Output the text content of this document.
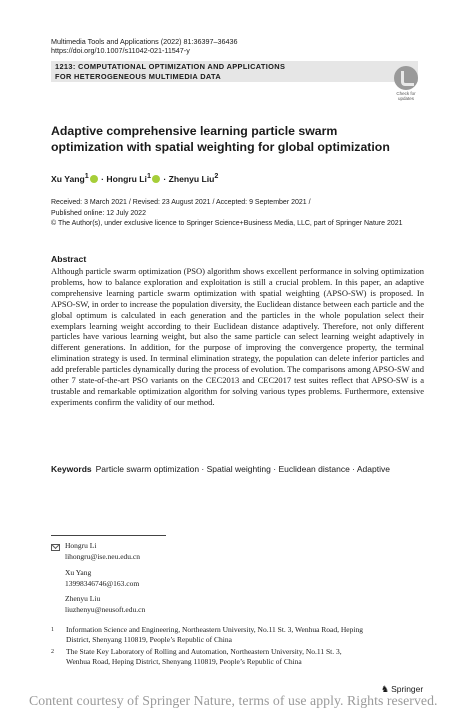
Multimedia Tools and Applications (2022) 81:36397–36436
https://doi.org/10.1007/s11042-021-11547-y
1213: COMPUTATIONAL OPTIMIZATION AND APPLICATIONS
FOR HETEROGENEOUS MULTIMEDIA DATA
Check for
updates
Adaptive comprehensive learning particle swarm
optimization with spatial weighting for global optimization
Xu Yang$^1$ · Hongru $Li^1$ · Zhenyu Liu$^2$
Received: 3 March 2021 / Revised: 23 August 2021 / Accepted: 9 September 2021 /
Published online: 12 July 2022
© The Author(s), under exclusive licence to Springer Science+Business Media, LLC, part of Springer Nature 2021
Abstract
Although particle swarm optimization (PSO) algorithm shows excellent performance in solving optimization problems, how to balance exploration and exploitation is still a crucial problem. In this paper, an adaptive comprehensive learning particle swarm optimization with spatial weighting (APSO-SW) is proposed. In APSO-SW, in order to increase the population diversity, the Euclidean distance between each particle and the global optimum is calculated in each generation and the particles in the whole population select their exemplars learning weight according to their Euclidean distance adaptively. Therefore, not only different particles have various learning weight, but also the same particle can select learning weight adaptively in different generations. In addition, for the purpose of improving the convergence property, the terminal elimination strategy is used. In terminal elimination strategy, the population can delete inferior particles and add preferable particles dynamically during the process of evolution. The comparisons among APSO-SW and other 7 state-of-the-art PSO variants on the CEC2013 and CEC2017 test suites reflect that APSO-SW is a trustable and remarkable optimization algorithm for solving various types problems. Furthermore, extensive experiments confirm the validity of our method.
Keywords Particle swarm optimization · Spatial weighting · Euclidean distance · Adaptive
Hongru Li
lihongru@ise.neu.edu.cn
Xu Yang
13998346746@163.com
Zhenyu Liu
liuzhenyu@neusoft.edu.cn
1 Information Science and Engineering, Northeastern University, No.11 St. 3, Wenhua Road, Heping
District, Shenyang 110819, People’s Republic of China
2 The State Key Laboratory of Rolling and Automation, Northeastern University, No.11 St. 3,
Wenhua Road, Heping District, Shenyang 110819, People’s Republic of China
♞ Springer
Content courtesy of Springer Nature, terms of use apply. Rights reserved.
